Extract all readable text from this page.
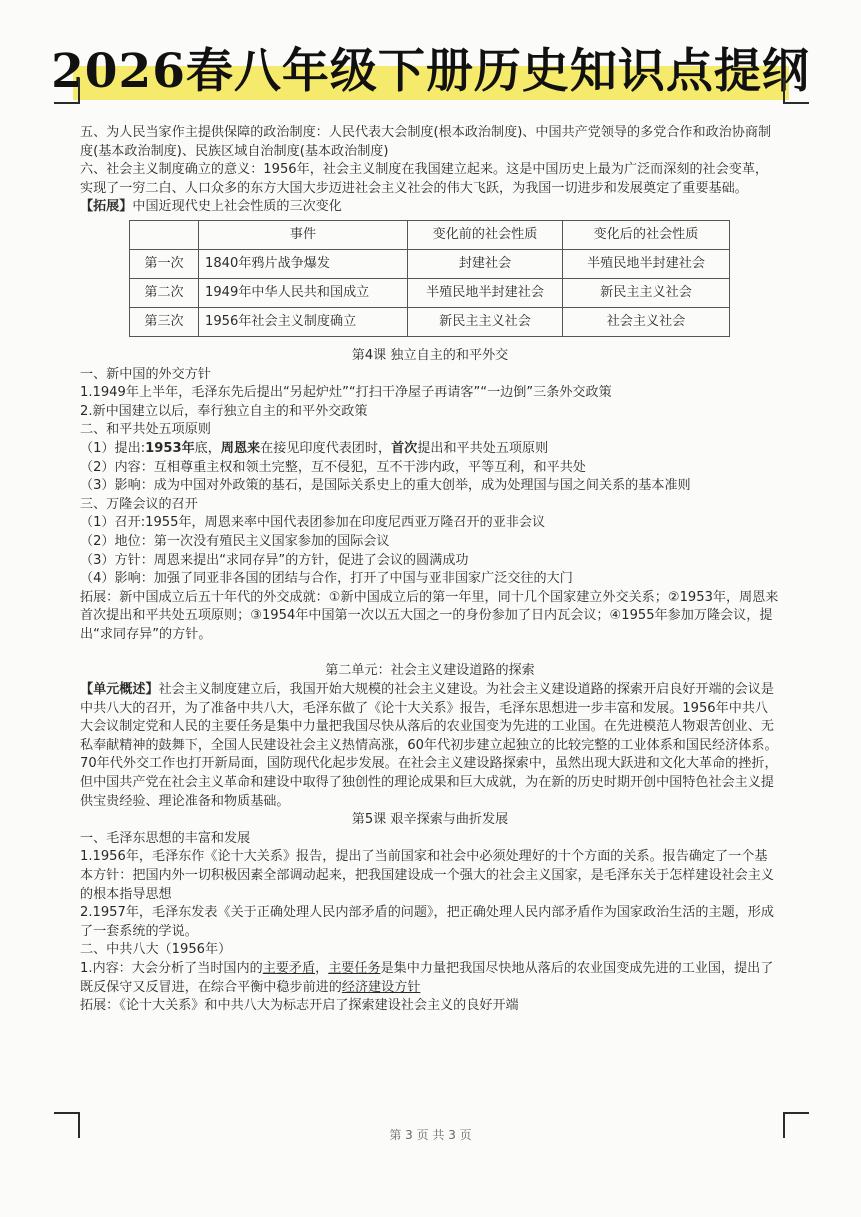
2026春八年级下册历史知识点提纲

五、为人民当家作主提供保障的政治制度：人民代表大会制度(根本政治制度)、中国共产党领导的多党合作和政治协商制度(基本政治制度)、民族区域自治制度(基本政治制度)

六、社会主义制度确立的意义：1956年，社会主义制度在我国建立起来。这是中国历史上最为广泛而深刻的社会变革，实现了一穷二白、人口众多的东方大国大步迈进社会主义社会的伟大飞跃，为我国一切进步和发展奠定了重要基础。

【拓展】中国近现代史上社会性质的三次变化

	事件	变化前的社会性质	变化后的社会性质
第一次	1840年鸦片战争爆发	封建社会	半殖民地半封建社会
第二次	1949年中华人民共和国成立	半殖民地半封建社会	新民主主义社会
第三次	1956年社会主义制度确立	新民主主义社会	社会主义社会

第4课 独立自主的和平外交

一、新中国的外交方针

1.1949年上半年，毛泽东先后提出“另起炉灶”“打扫干净屋子再请客”“一边倒”三条外交政策

2.新中国建立以后，奉行独立自主的和平外交政策

二、和平共处五项原则

（1）提出:1953年底，周恩来在接见印度代表团时，首次提出和平共处五项原则

（2）内容：互相尊重主权和领土完整，互不侵犯，互不干涉内政，平等互利，和平共处

（3）影响：成为中国对外政策的基石，是国际关系史上的重大创举，成为处理国与国之间关系的基本准则

三、万隆会议的召开

（1）召开:1955年，周恩来率中国代表团参加在印度尼西亚万隆召开的亚非会议

（2）地位：第一次没有殖民主义国家参加的国际会议

（3）方针：周恩来提出“求同存异”的方针，促进了会议的圆满成功

（4）影响：加强了同亚非各国的团结与合作，打开了中国与亚非国家广泛交往的大门

拓展：新中国成立后五十年代的外交成就：①新中国成立后的第一年里，同十几个国家建立外交关系；②1953年，周恩来首次提出和平共处五项原则；③1954年中国第一次以五大国之一的身份参加了日内瓦会议；④1955年参加万隆会议，提出“求同存异”的方针。

第二单元：社会主义建设道路的探索

【单元概述】社会主义制度建立后，我国开始大规模的社会主义建设。为社会主义建设道路的探索开启良好开端的会议是中共八大的召开，为了准备中共八大，毛泽东做了《论十大关系》报告，毛泽东思想进一步丰富和发展。1956年中共八大会议制定党和人民的主要任务是集中力量把我国尽快从落后的农业国变为先进的工业国。在先进模范人物艰苦创业、无私奉献精神的鼓舞下，全国人民建设社会主义热情高涨，60年代初步建立起独立的比较完整的工业体系和国民经济体系。70年代外交工作也打开新局面，国防现代化起步发展。在社会主义建设路探索中，虽然出现大跃进和文化大革命的挫折，但中国共产党在社会主义革命和建设中取得了独创性的理论成果和巨大成就，为在新的历史时期开创中国特色社会主义提供宝贵经验、理论准备和物质基础。

第5课 艰辛探索与曲折发展

一、毛泽东思想的丰富和发展

1.1956年，毛泽东作《论十大关系》报告，提出了当前国家和社会中必须处理好的十个方面的关系。报告确定了一个基本方针：把国内外一切积极因素全部调动起来，把我国建设成一个强大的社会主义国家，是毛泽东关于怎样建设社会主义的根本指导思想

2.1957年，毛泽东发表《关于正确处理人民内部矛盾的问题》，把正确处理人民内部矛盾作为国家政治生活的主题，形成了一套系统的学说。

二、中共八大（1956年）

1.内容：大会分析了当时国内的主要矛盾，主要任务是集中力量把我国尽快地从落后的农业国变成先进的工业国，提出了既反保守又反冒进，在综合平衡中稳步前进的经济建设方针

拓展：《论十大关系》和中共八大为标志开启了探索建设社会主义的良好开端

第 3 页 共 3 页
